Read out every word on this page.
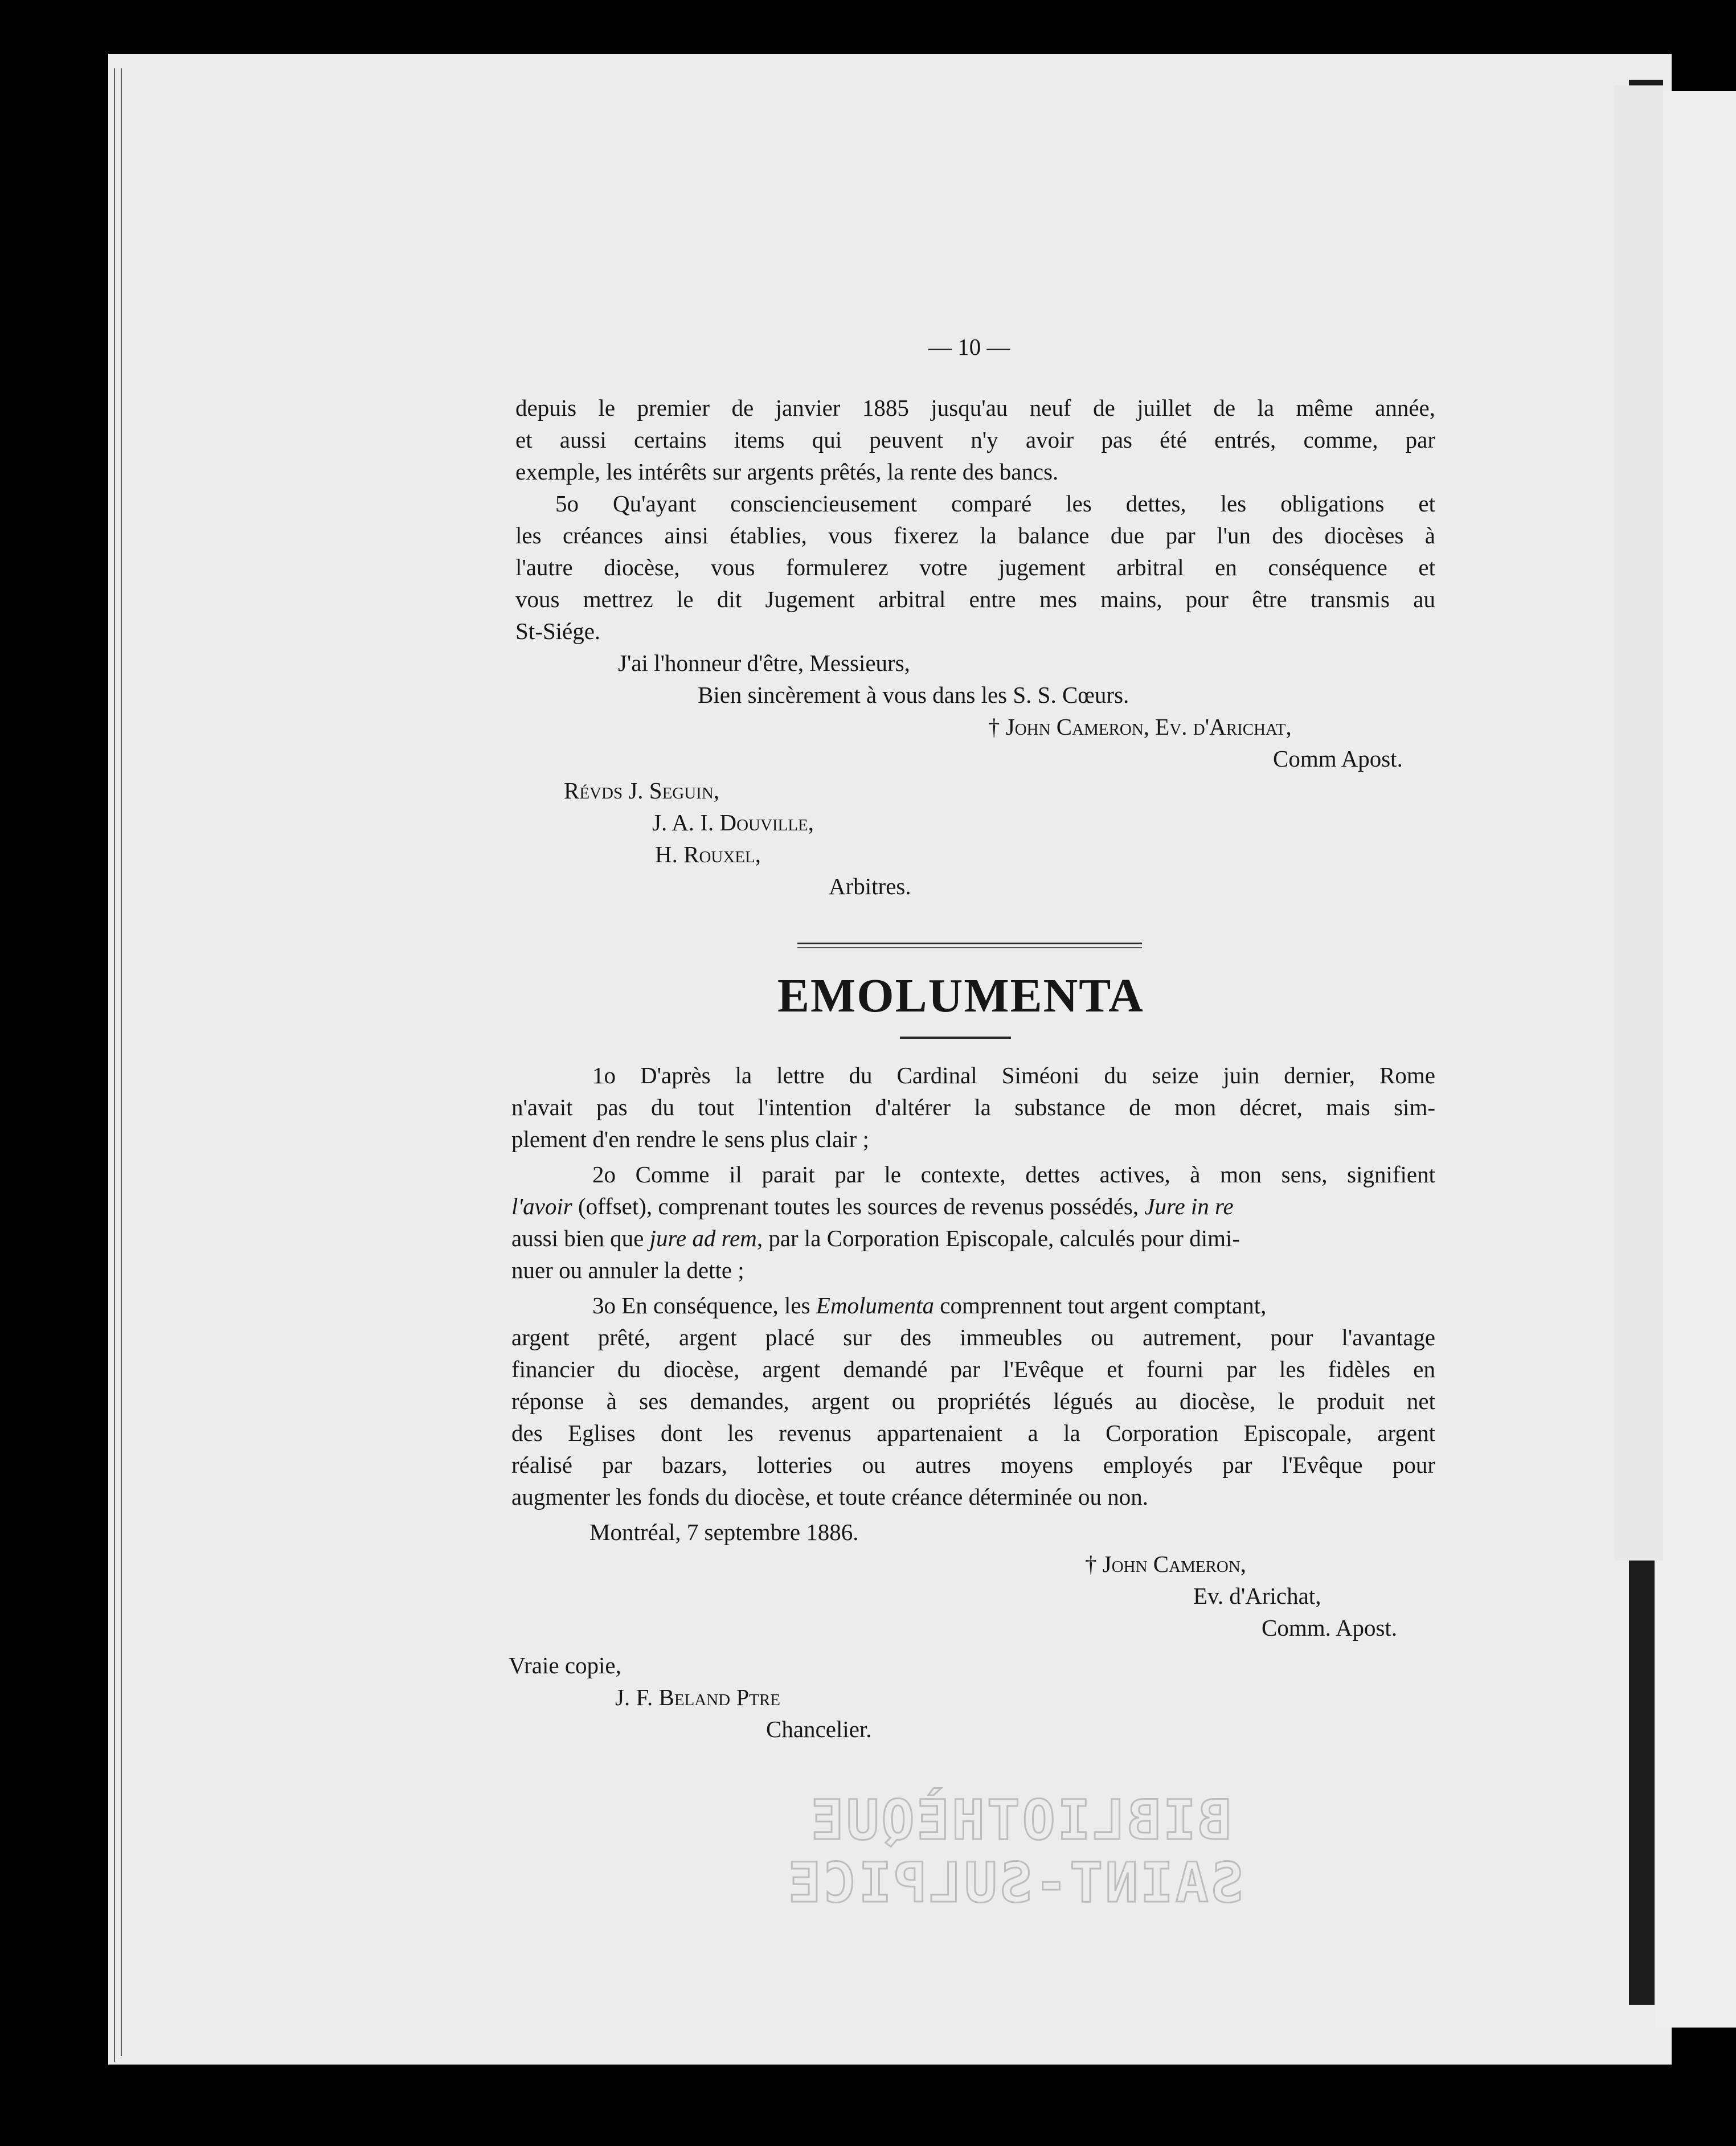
— 10 —
depuis le premier de janvier 1885 jusqu'au neuf de juillet de la même année,
et aussi certains items qui peuvent n'y avoir pas été entrés, comme, par
exemple, les intérêts sur argents prêtés, la rente des bancs.
5o Qu'ayant consciencieusement comparé les dettes, les obligations et
les créances ainsi établies, vous fixerez la balance due par l'un des diocèses à
l'autre diocèse, vous formulerez votre jugement arbitral en conséquence et
vous mettrez le dit Jugement arbitral entre mes mains, pour être transmis au
St-Siége.
J'ai l'honneur d'être, Messieurs,
Bien sincèrement à vous dans les S. S. Cœurs.
† John Cameron, Ev. d'Arichat,
Comm Apost.
Révds J. Seguin,
J. A. I. Douville,
H. Rouxel,
Arbitres.
EMOLUMENTA
1o D'après la lettre du Cardinal Siméoni du seize juin dernier, Rome
n'avait pas du tout l'intention d'altérer la substance de mon décret, mais sim-
plement d'en rendre le sens plus clair ;
2o Comme il parait par le contexte, dettes actives, à mon sens, signifient
l'avoir (offset), comprenant toutes les sources de revenus possédés, Jure in re
aussi bien que jure ad rem, par la Corporation Episcopale, calculés pour dimi-
nuer ou annuler la dette ;
3o En conséquence, les Emolumenta comprennent tout argent comptant,
argent prêté, argent placé sur des immeubles ou autrement, pour l'avantage
financier du diocèse, argent demandé par l'Evêque et fourni par les fidèles en
réponse à ses demandes, argent ou propriétés légués au diocèse, le produit net
des Eglises dont les revenus appartenaient a la Corporation Episcopale, argent
réalisé par bazars, lotteries ou autres moyens employés par l'Evêque pour
augmenter les fonds du diocèse, et toute créance déterminée ou non.
Montréal, 7 septembre 1886.
† John Cameron,
Ev. d'Arichat,
Comm. Apost.
Vraie copie,
J. F. Beland Ptre
Chancelier.
BIBLIOTHÈQUE
SAINT-SULPICE
